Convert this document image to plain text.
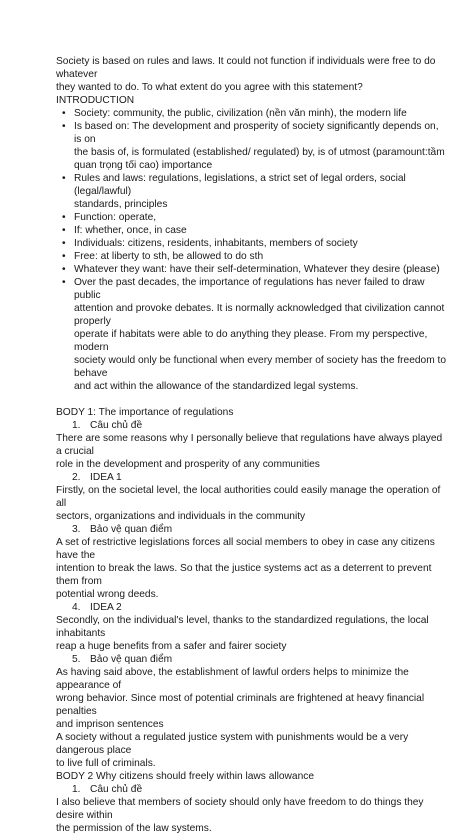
Society is based on rules and laws. It could not function if individuals were free to do whatever

they wanted to do. To what extent do you agree with this statement?

INTRODUCTION

• Society: community, the public, civilization (nền văn minh), the modern life
• Is based on: The development and prosperity of society significantly depends on, is on
the basis of, is formulated (established/ regulated) by, is of utmost (paramount:tầm
quan trọng tối cao) importance
• Rules and laws: regulations, legislations, a strict set of legal orders, social (legal/lawful)
standards, principles
• Function: operate,
• If: whether, once, in case
• Individuals: citizens, residents, inhabitants, members of society
• Free: at liberty to sth, be allowed to do sth
• Whatever they want: have their self-determination, Whatever they desire (please)
• Over the past decades, the importance of regulations has never failed to draw public
attention and provoke debates. It is normally acknowledged that civilization cannot properly
operate if habitats were able to do anything they please. From my perspective, modern
society would only be functional when every member of society has the freedom to behave
and act within the allowance of the standardized legal systems.

BODY 1: The importance of regulations

1. Câu chủ đề

There are some reasons why I personally believe that regulations have always played a crucial

role in the development and prosperity of any communities

2. IDEA 1

Firstly, on the societal level, the local authorities could easily manage the operation of all

sectors, organizations and individuals in the community

3. Bảo vệ quan điểm

A set of restrictive legislations forces all social members to obey in case any citizens have the

intention to break the laws. So that the justice systems act as a deterrent to prevent them from

potential wrong deeds.

4. IDEA 2

Secondly, on the individual's level, thanks to the standardized regulations, the local inhabitants

reap a huge benefits from a safer and fairer society

5. Bảo vệ quan điểm

As having said above, the establishment of lawful orders helps to minimize the appearance of

wrong behavior. Since most of potential criminals are frightened at heavy financial penalties

and imprison sentences

A society without a regulated justice system with punishments would be a very dangerous place

to live full of criminals.

BODY 2 Why citizens should freely within laws allowance

1. Câu chủ đề

I also believe that members of society should only have freedom to do things they desire within

the permission of the law systems.
